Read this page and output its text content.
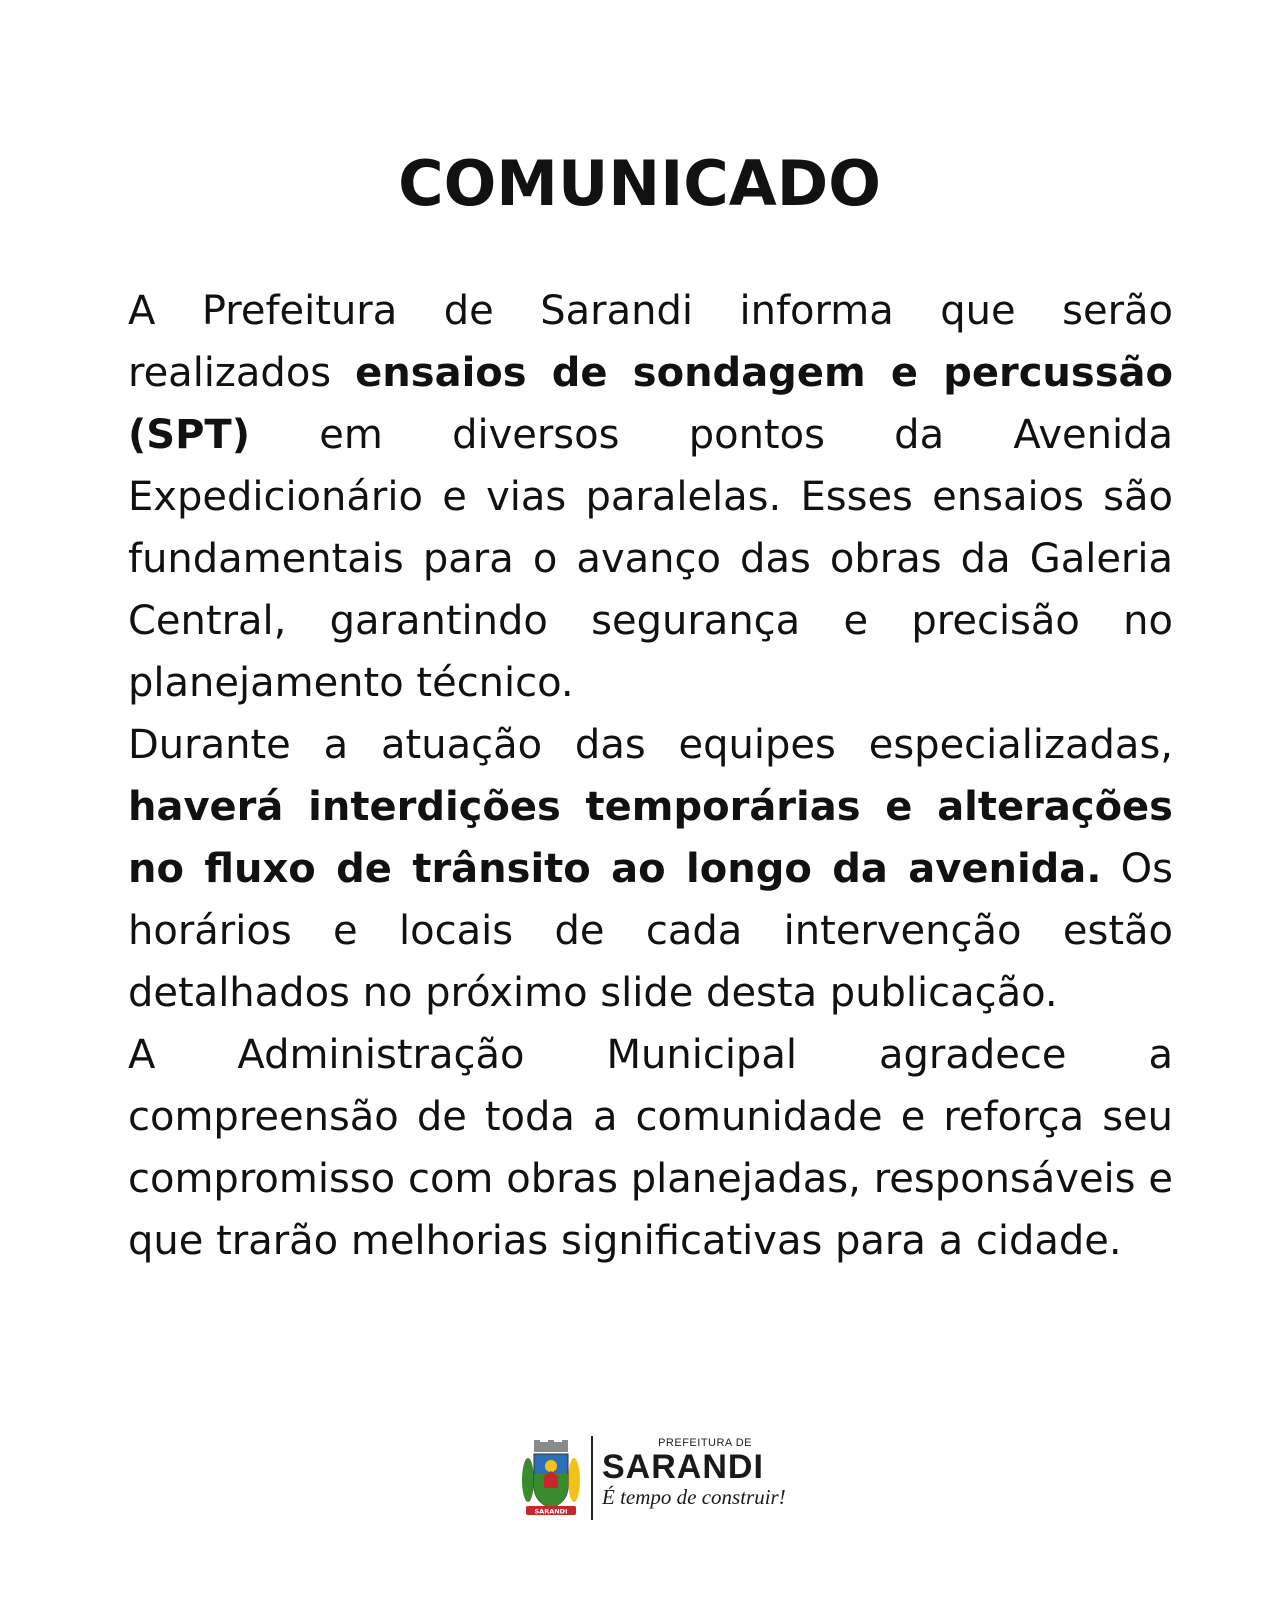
COMUNICADO

A Prefeitura de Sarandi informa que serão realizados ensaios de sondagem e percussão (SPT) em diversos pontos da Avenida Expedicionário e vias paralelas. Esses ensaios são fundamentais para o avanço das obras da Galeria Central, garantindo segurança e precisão no planejamento técnico.

Durante a atuação das equipes especializadas, haverá interdições temporárias e alterações no fluxo de trânsito ao longo da avenida. Os horários e locais de cada intervenção estão detalhados no próximo slide desta publicação.

A Administração Municipal agradece a compreensão de toda a comunidade e reforça seu compromisso com obras planejadas, responsáveis e que trarão melhorias significativas para a cidade.

SARANDI
PREFEITURA DE
SARANDI
É tempo de construir!
